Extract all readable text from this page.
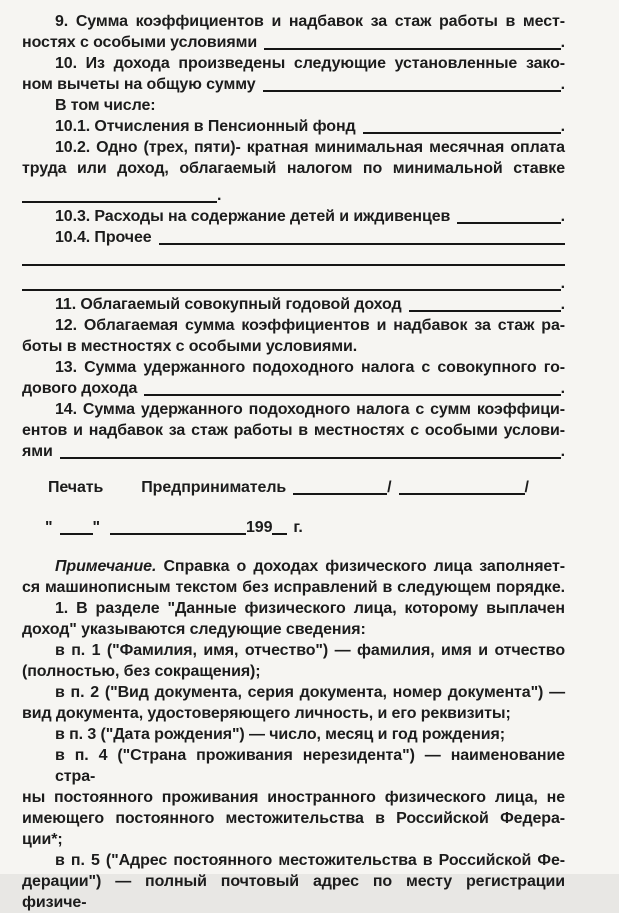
9. Сумма коэффициентов и надбавок за стаж работы в мест-
ностях с особыми условиями	.
10. Из дохода произведены следующие установленные зако-
ном вычеты на общую сумму	.
В том числе:
10.1. Отчисления в Пенсионный фонд	.
10.2. Одно (трех, пяти)- кратная минимальная месячная оплата
труда или доход, облагаемый налогом по минимальной ставке
.
10.3. Расходы на содержание детей и иждивенцев	.
10.4. Прочее
.
11. Облагаемый совокупный годовой доход	.
12. Облагаемая сумма коэффициентов и надбавок за стаж ра-
боты в местностях с особыми условиями.
13. Сумма удержанного подоходного налога с совокупного го-
дового дохода	.
14. Сумма удержанного подоходного налога с сумм коэффици-
ентов и надбавок за стаж работы в местностях с особыми услови-
ями	.
Печать Предприниматель	/	/
"	"	199 г.
Примечание. Справка о доходах физического лица заполняет-
ся машинописным текстом без исправлений в следующем порядке.
1. В разделе "Данные физического лица, которому выплачен
доход" указываются следующие сведения:
в п. 1 ("Фамилия, имя, отчество") — фамилия, имя и отчество
(полностью, без сокращения);
в п. 2 ("Вид документа, серия документа, номер документа") —
вид документа, удостоверяющего личность, и его реквизиты;
в п. 3 ("Дата рождения") — число, месяц и год рождения;
в п. 4 ("Страна проживания нерезидента") — наименование стра-
ны постоянного проживания иностранного физического лица, не
имеющего постоянного местожительства в Российской Федера-
ции*;
в п. 5 ("Адрес постоянного местожительства в Российской Фе-
дерации") — полный почтовый адрес по месту регистрации физиче-
